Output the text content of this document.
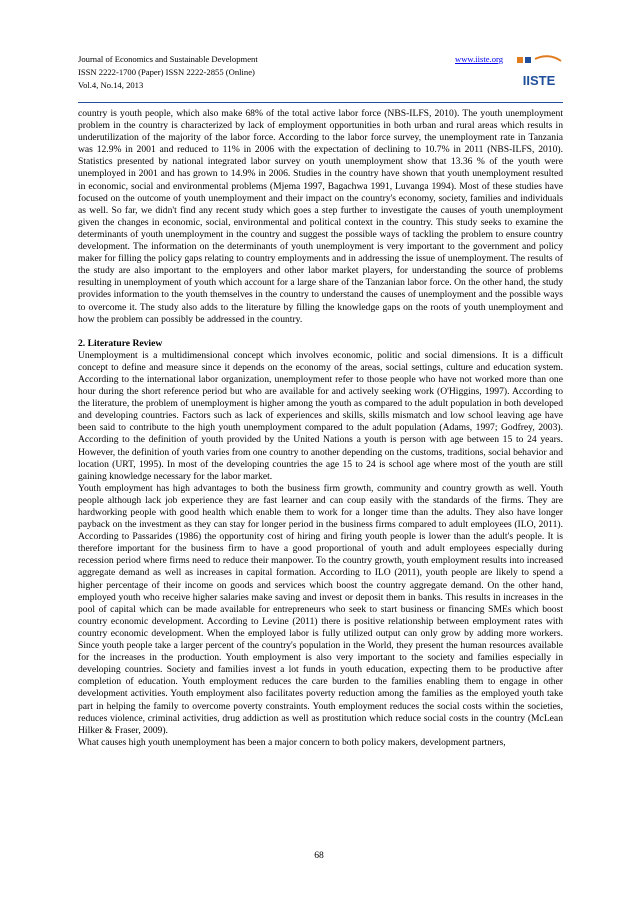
Journal of Economics and Sustainable Development
ISSN 2222-1700 (Paper) ISSN 2222-2855 (Online)
Vol.4, No.14, 2013
www.iiste.org
IISTE

country is youth people, which also make 68% of the total active labor force (NBS-ILFS, 2010). The youth unemployment problem in the country is characterized by lack of employment opportunities in both urban and rural areas which results in underutilization of the majority of the labor force. According to the labor force survey, the unemployment rate in Tanzania was 12.9% in 2001 and reduced to 11% in 2006 with the expectation of declining to 10.7% in 2011 (NBS-ILFS, 2010). Statistics presented by national integrated labor survey on youth unemployment show that 13.36 % of the youth were unemployed in 2001 and has grown to 14.9% in 2006. Studies in the country have shown that youth unemployment resulted in economic, social and environmental problems (Mjema 1997, Bagachwa 1991, Luvanga 1994). Most of these studies have focused on the outcome of youth unemployment and their impact on the country's economy, society, families and individuals as well. So far, we didn't find any recent study which goes a step further to investigate the causes of youth unemployment given the changes in economic, social, environmental and political context in the country. This study seeks to examine the determinants of youth unemployment in the country and suggest the possible ways of tackling the problem to ensure country development. The information on the determinants of youth unemployment is very important to the government and policy maker for filling the policy gaps relating to country employments and in addressing the issue of unemployment. The results of the study are also important to the employers and other labor market players, for understanding the source of problems resulting in unemployment of youth which account for a large share of the Tanzanian labor force. On the other hand, the study provides information to the youth themselves in the country to understand the causes of unemployment and the possible ways to overcome it. The study also adds to the literature by filling the knowledge gaps on the roots of youth unemployment and how the problem can possibly be addressed in the country.

2. Literature Review

Unemployment is a multidimensional concept which involves economic, politic and social dimensions. It is a difficult concept to define and measure since it depends on the economy of the areas, social settings, culture and education system. According to the international labor organization, unemployment refer to those people who have not worked more than one hour during the short reference period but who are available for and actively seeking work (O'Higgins, 1997). According to the literature, the problem of unemployment is higher among the youth as compared to the adult population in both developed and developing countries. Factors such as lack of experiences and skills, skills mismatch and low school leaving age have been said to contribute to the high youth unemployment compared to the adult population (Adams, 1997; Godfrey, 2003). According to the definition of youth provided by the United Nations a youth is person with age between 15 to 24 years. However, the definition of youth varies from one country to another depending on the customs, traditions, social behavior and location (URT, 1995). In most of the developing countries the age 15 to 24 is school age where most of the youth are still gaining knowledge necessary for the labor market.

Youth employment has high advantages to both the business firm growth, community and country growth as well. Youth people although lack job experience they are fast learner and can coup easily with the standards of the firms. They are hardworking people with good health which enable them to work for a longer time than the adults. They also have longer payback on the investment as they can stay for longer period in the business firms compared to adult employees (ILO, 2011). According to Passarides (1986) the opportunity cost of hiring and firing youth people is lower than the adult's people. It is therefore important for the business firm to have a good proportional of youth and adult employees especially during recession period where firms need to reduce their manpower. To the country growth, youth employment results into increased aggregate demand as well as increases in capital formation. According to ILO (2011), youth people are likely to spend a higher percentage of their income on goods and services which boost the country aggregate demand. On the other hand, employed youth who receive higher salaries make saving and invest or deposit them in banks. This results in increases in the pool of capital which can be made available for entrepreneurs who seek to start business or financing SMEs which boost country economic development. According to Levine (2011) there is positive relationship between employment rates with country economic development. When the employed labor is fully utilized output can only grow by adding more workers. Since youth people take a larger percent of the country's population in the World, they present the human resources available for the increases in the production. Youth employment is also very important to the society and families especially in developing countries. Society and families invest a lot funds in youth education, expecting them to be productive after completion of education. Youth employment reduces the care burden to the families enabling them to engage in other development activities. Youth employment also facilitates poverty reduction among the families as the employed youth take part in helping the family to overcome poverty constraints. Youth employment reduces the social costs within the societies, reduces violence, criminal activities, drug addiction as well as prostitution which reduce social costs in the country (McLean Hilker & Fraser, 2009).

What causes high youth unemployment has been a major concern to both policy makers, development partners,

68
